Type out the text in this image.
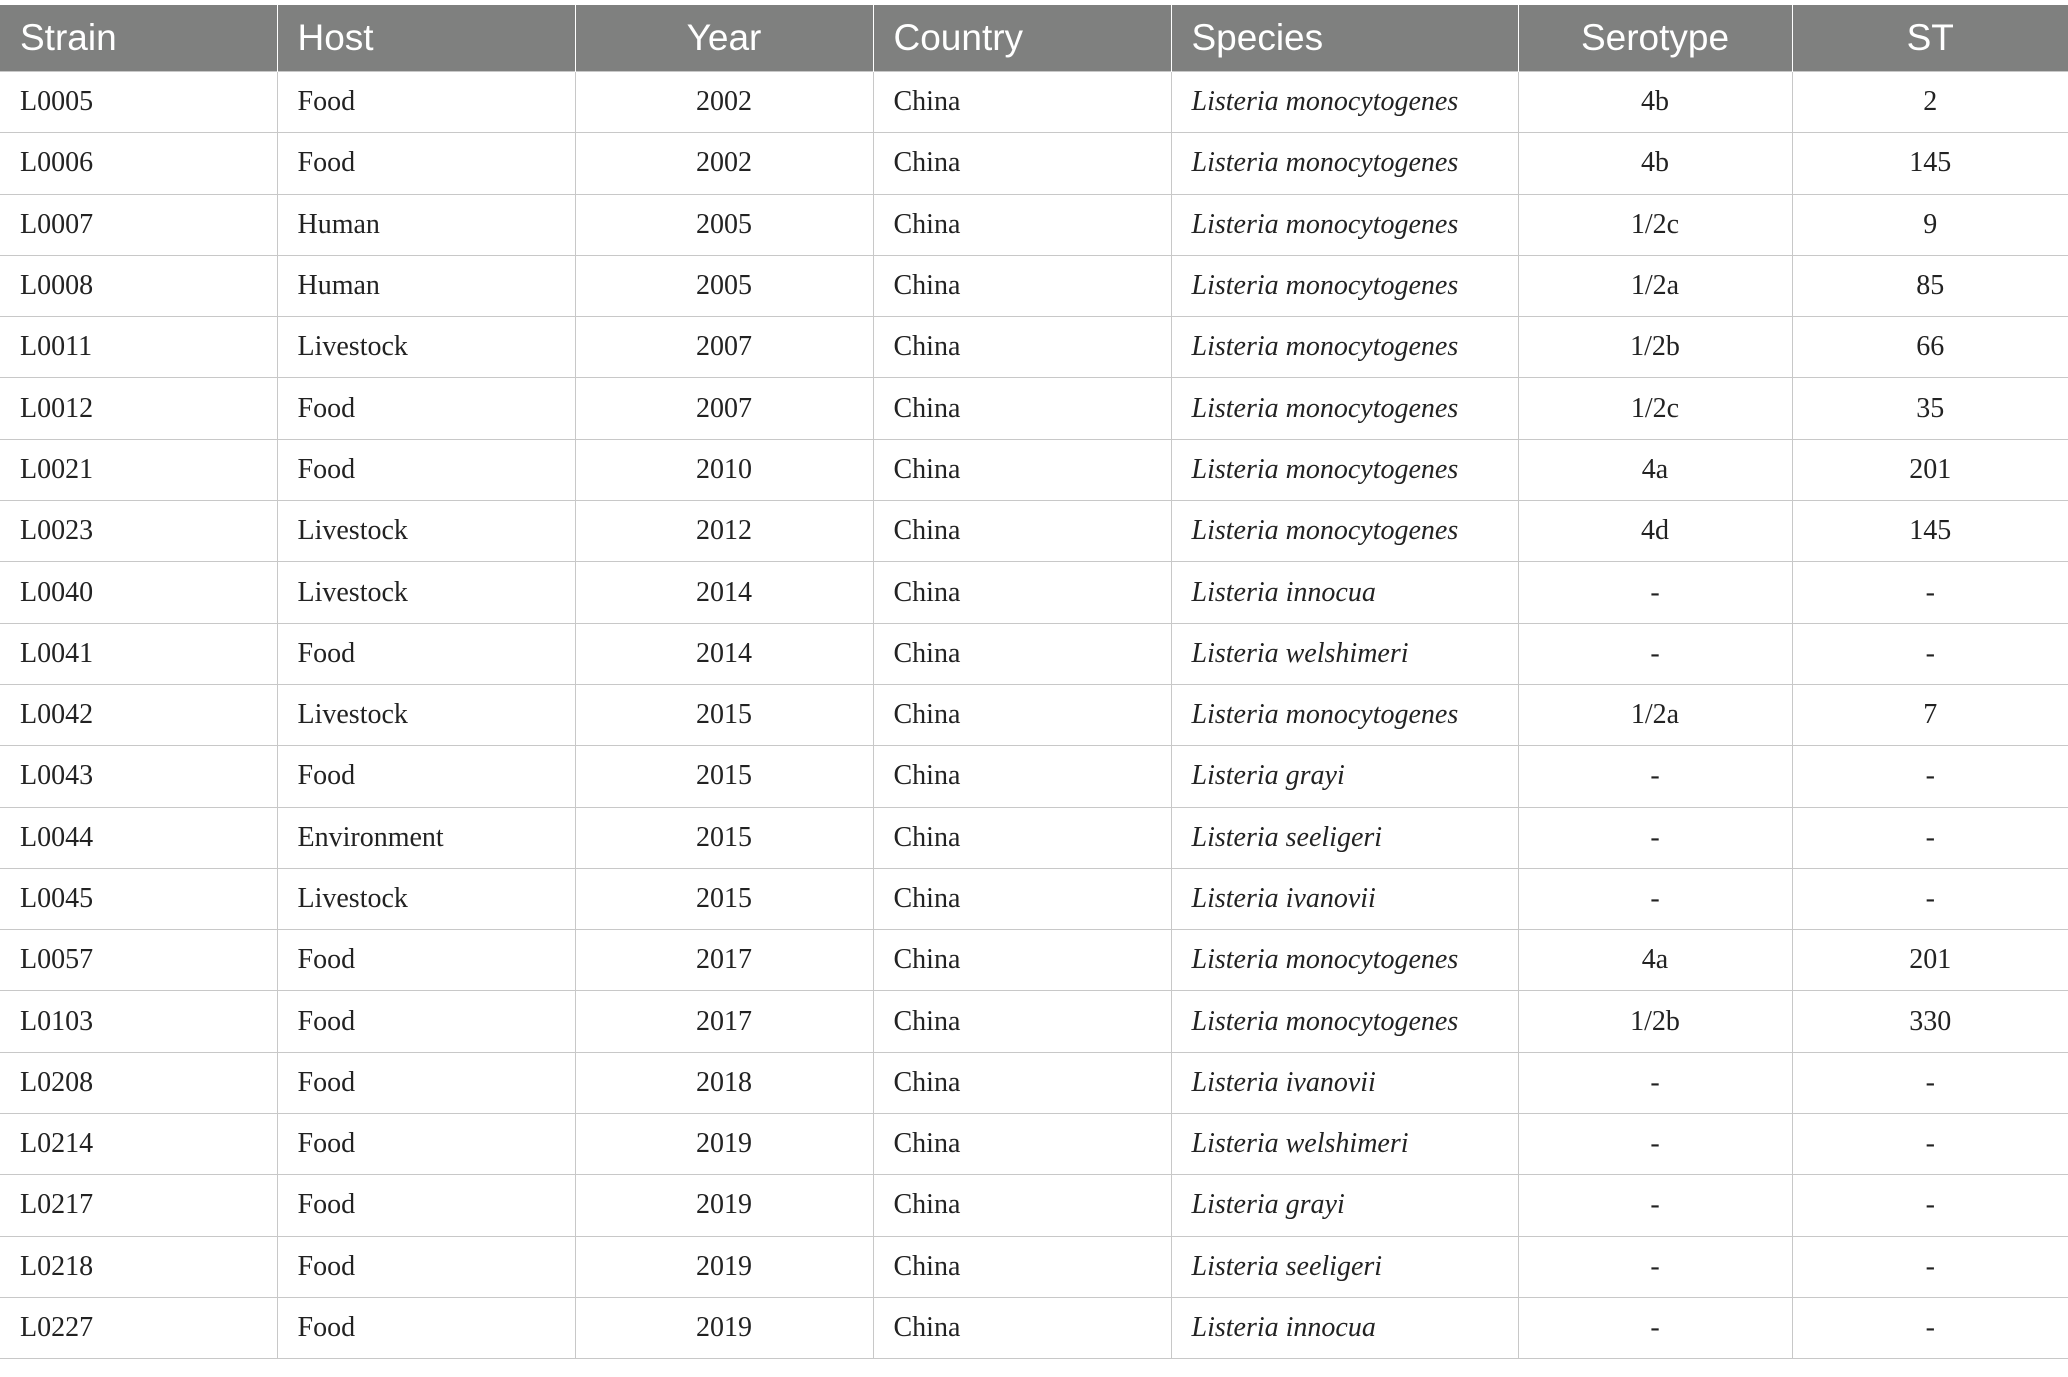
Strain	Host	Year	Country	Species	Serotype	ST
L0005	Food	2002	China	Listeria monocytogenes	4b	2
L0006	Food	2002	China	Listeria monocytogenes	4b	145
L0007	Human	2005	China	Listeria monocytogenes	1/2c	9
L0008	Human	2005	China	Listeria monocytogenes	1/2a	85
L0011	Livestock	2007	China	Listeria monocytogenes	1/2b	66
L0012	Food	2007	China	Listeria monocytogenes	1/2c	35
L0021	Food	2010	China	Listeria monocytogenes	4a	201
L0023	Livestock	2012	China	Listeria monocytogenes	4d	145
L0040	Livestock	2014	China	Listeria innocua	-	-
L0041	Food	2014	China	Listeria welshimeri	-	-
L0042	Livestock	2015	China	Listeria monocytogenes	1/2a	7
L0043	Food	2015	China	Listeria grayi	-	-
L0044	Environment	2015	China	Listeria seeligeri	-	-
L0045	Livestock	2015	China	Listeria ivanovii	-	-
L0057	Food	2017	China	Listeria monocytogenes	4a	201
L0103	Food	2017	China	Listeria monocytogenes	1/2b	330
L0208	Food	2018	China	Listeria ivanovii	-	-
L0214	Food	2019	China	Listeria welshimeri	-	-
L0217	Food	2019	China	Listeria grayi	-	-
L0218	Food	2019	China	Listeria seeligeri	-	-
L0227	Food	2019	China	Listeria innocua	-	-
